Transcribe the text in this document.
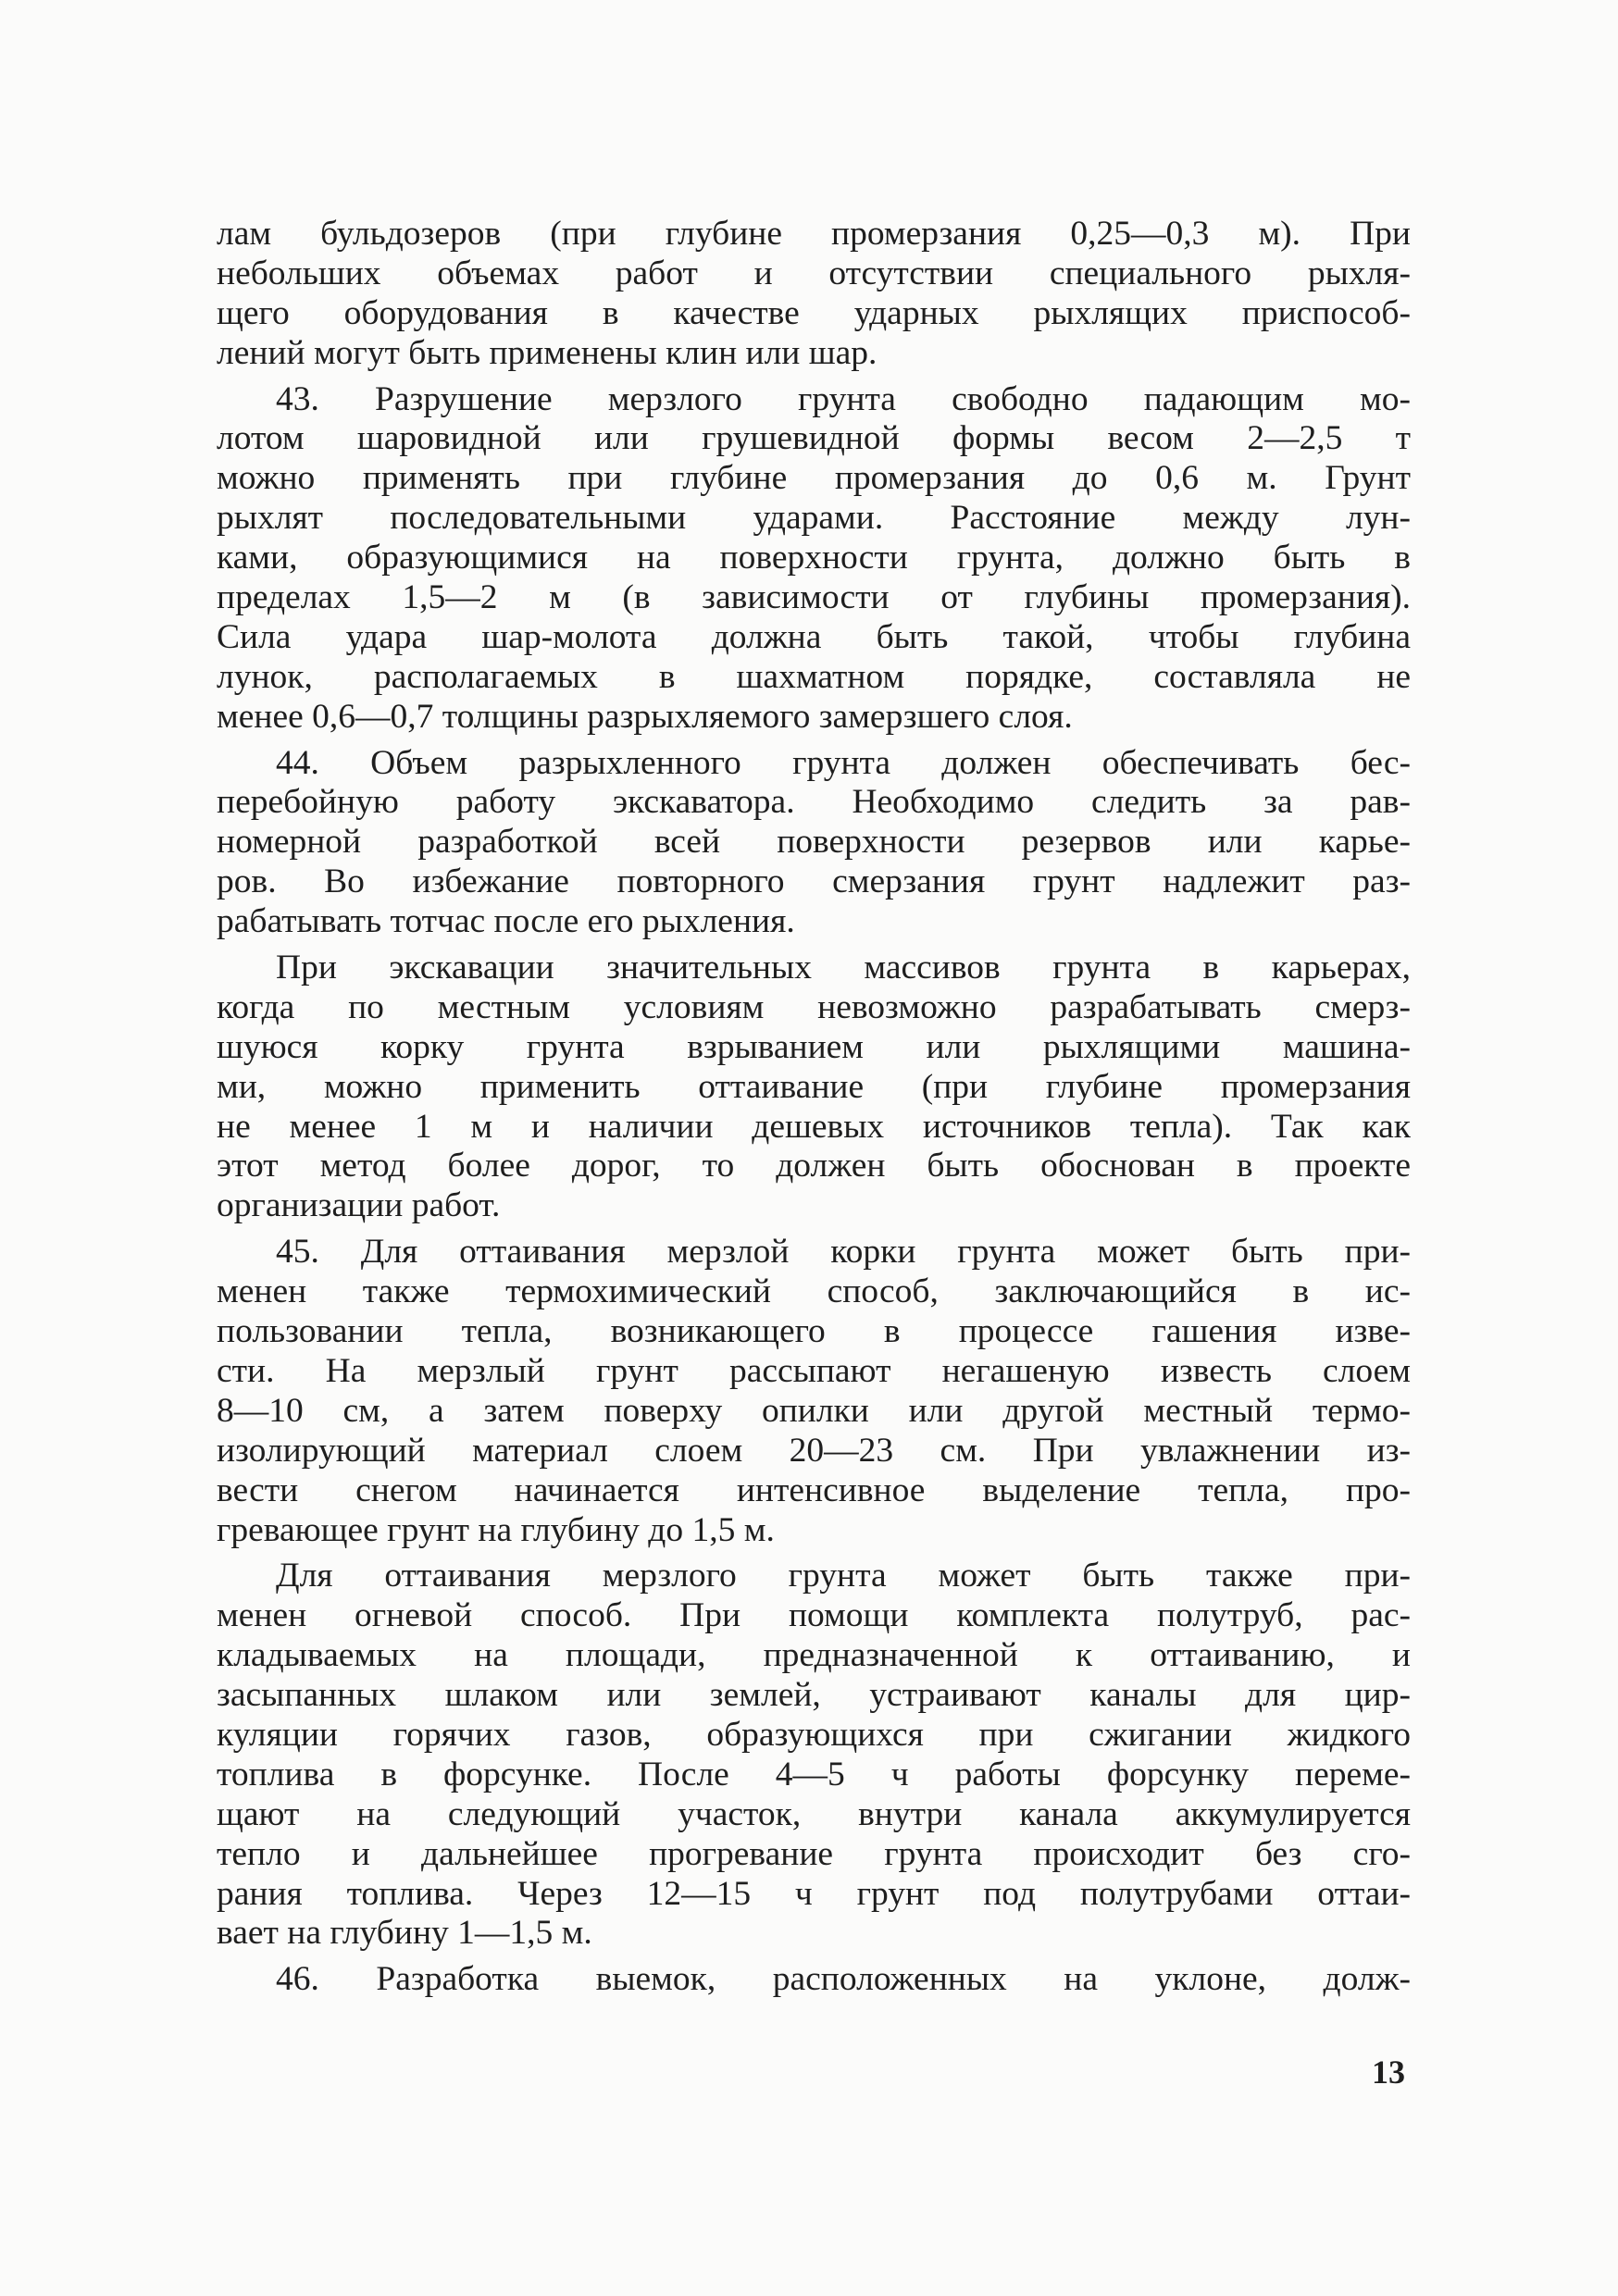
лам бульдозеров (при глубине промерзания 0,25—0,3 м). При
небольших объемах работ и отсутствии специального рыхля-
щего оборудования в качестве ударных рыхлящих приспособ-
лений могут быть применены клин или шар.
43. Разрушение мерзлого грунта свободно падающим мо-
лотом шаровидной или грушевидной формы весом 2—2,5 т
можно применять при глубине промерзания до 0,6 м. Грунт
рыхлят последовательными ударами. Расстояние между лун-
ками, образующимися на поверхности грунта, должно быть в
пределах 1,5—2 м (в зависимости от глубины промерзания).
Сила удара шар-молота должна быть такой, чтобы глубина
лунок, располагаемых в шахматном порядке, составляла не
менее 0,6—0,7 толщины разрыхляемого замерзшего слоя.
44. Объем разрыхленного грунта должен обеспечивать бес-
перебойную работу экскаватора. Необходимо следить за рав-
номерной разработкой всей поверхности резервов или карье-
ров. Во избежание повторного смерзания грунт надлежит раз-
рабатывать тотчас после его рыхления.
При экскавации значительных массивов грунта в карьерах,
когда по местным условиям невозможно разрабатывать смерз-
шуюся корку грунта взрыванием или рыхлящими машина-
ми, можно применить оттаивание (при глубине промерзания
не менее 1 м и наличии дешевых источников тепла). Так как
этот метод более дорог, то должен быть обоснован в проекте
организации работ.
45. Для оттаивания мерзлой корки грунта может быть при-
менен также термохимический способ, заключающийся в ис-
пользовании тепла, возникающего в процессе гашения изве-
сти. На мерзлый грунт рассыпают негашеную известь слоем
8—10 см, а затем поверху опилки или другой местный термо-
изолирующий материал слоем 20—23 см. При увлажнении из-
вести снегом начинается интенсивное выделение тепла, про-
гревающее грунт на глубину до 1,5 м.
Для оттаивания мерзлого грунта может быть также при-
менен огневой способ. При помощи комплекта полутруб, рас-
кладываемых на площади, предназначенной к оттаиванию, и
засыпанных шлаком или землей, устраивают каналы для цир-
куляции горячих газов, образующихся при сжигании жидкого
топлива в форсунке. После 4—5 ч работы форсунку переме-
щают на следующий участок, внутри канала аккумулируется
тепло и дальнейшее прогревание грунта происходит без сго-
рания топлива. Через 12—15 ч грунт под полутрубами оттаи-
вает на глубину 1—1,5 м.
46. Разработка выемок, расположенных на уклоне, долж-
13
